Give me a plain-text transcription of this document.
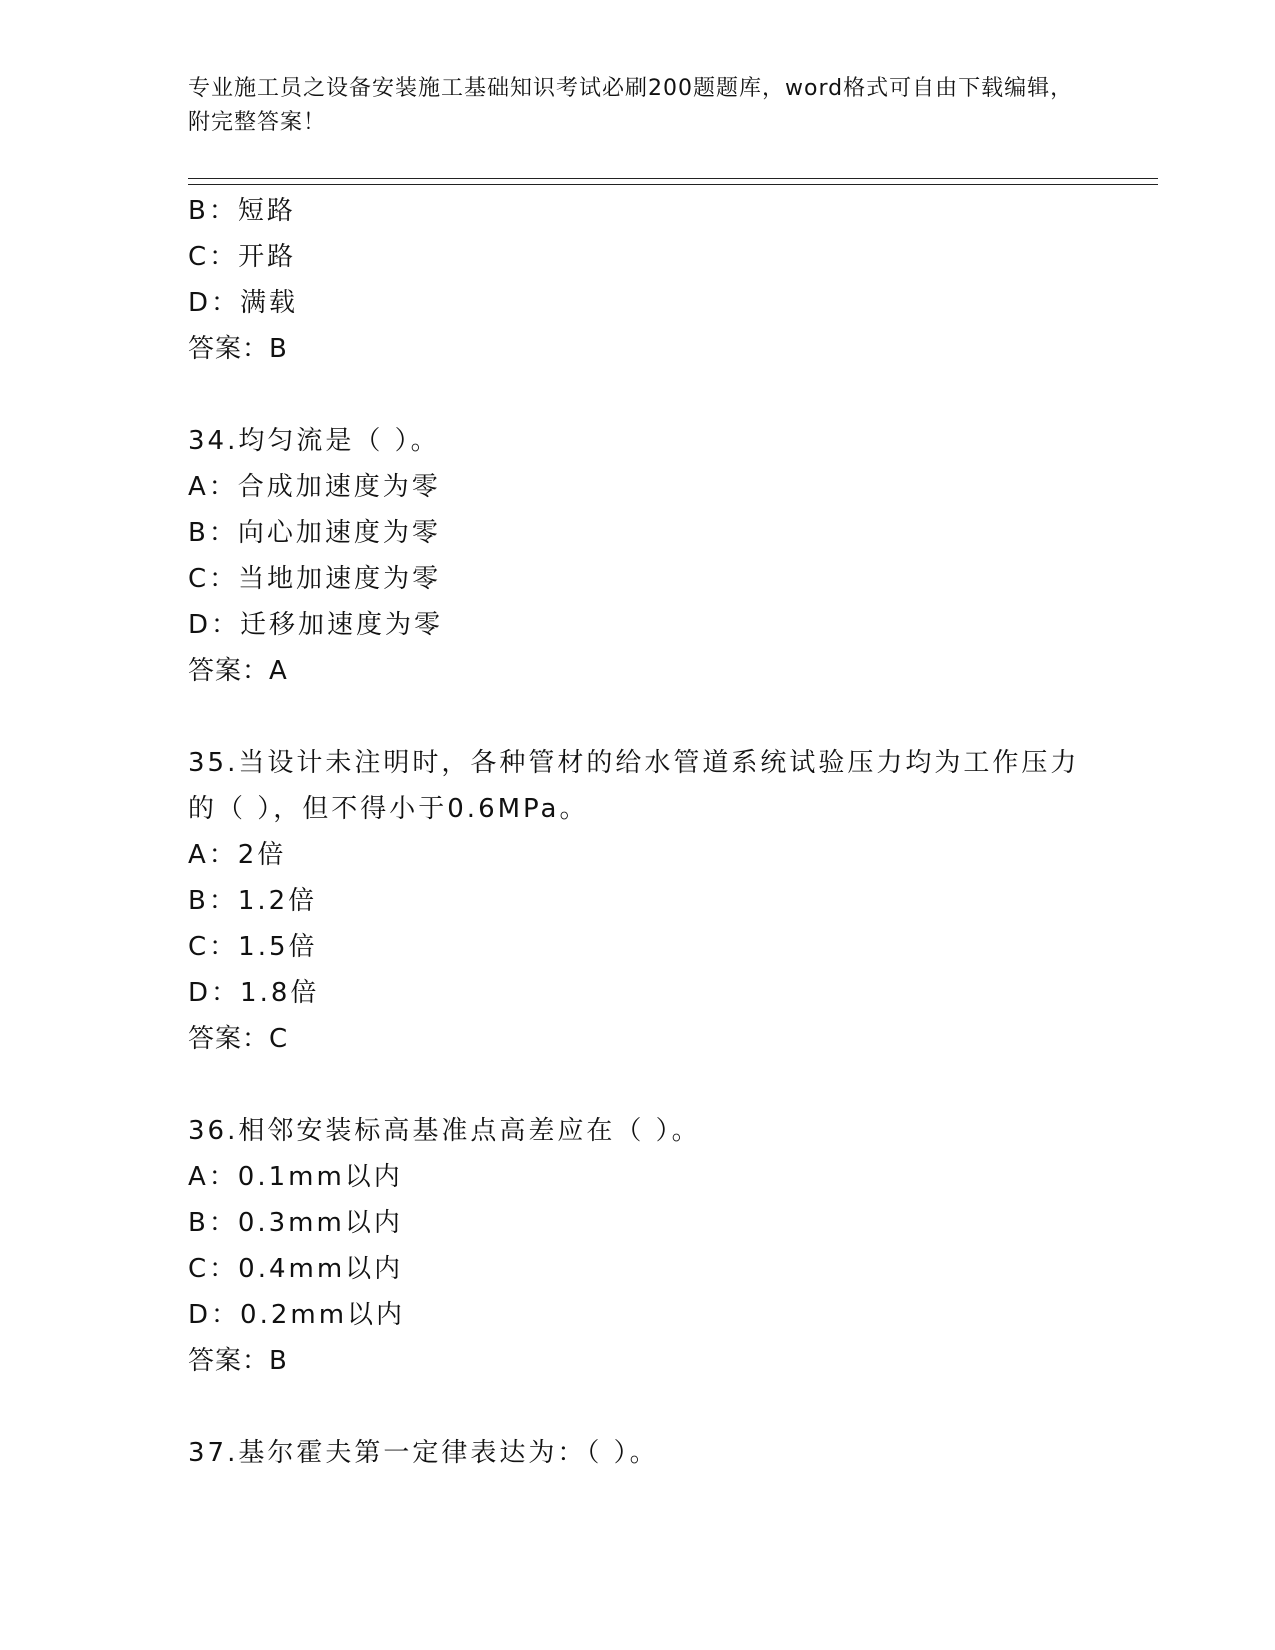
专业施工员之设备安装施工基础知识考试必刷200题题库，word格式可自由下载编辑，附完整答案！
B：短路
C：开路
D：满载
答案：B
34.均匀流是（ ）。
A：合成加速度为零
B：向心加速度为零
C：当地加速度为零
D：迁移加速度为零
答案：A
35.当设计未注明时，各种管材的给水管道系统试验压力均为工作压力的（ ），但不得小于0.6MPa。
A：2倍
B：1.2倍
C：1.5倍
D：1.8倍
答案：C
36.相邻安装标高基准点高差应在（ ）。
A：0.1mm以内
B：0.3mm以内
C：0.4mm以内
D：0.2mm以内
答案：B
37.基尔霍夫第一定律表达为：（ ）。
